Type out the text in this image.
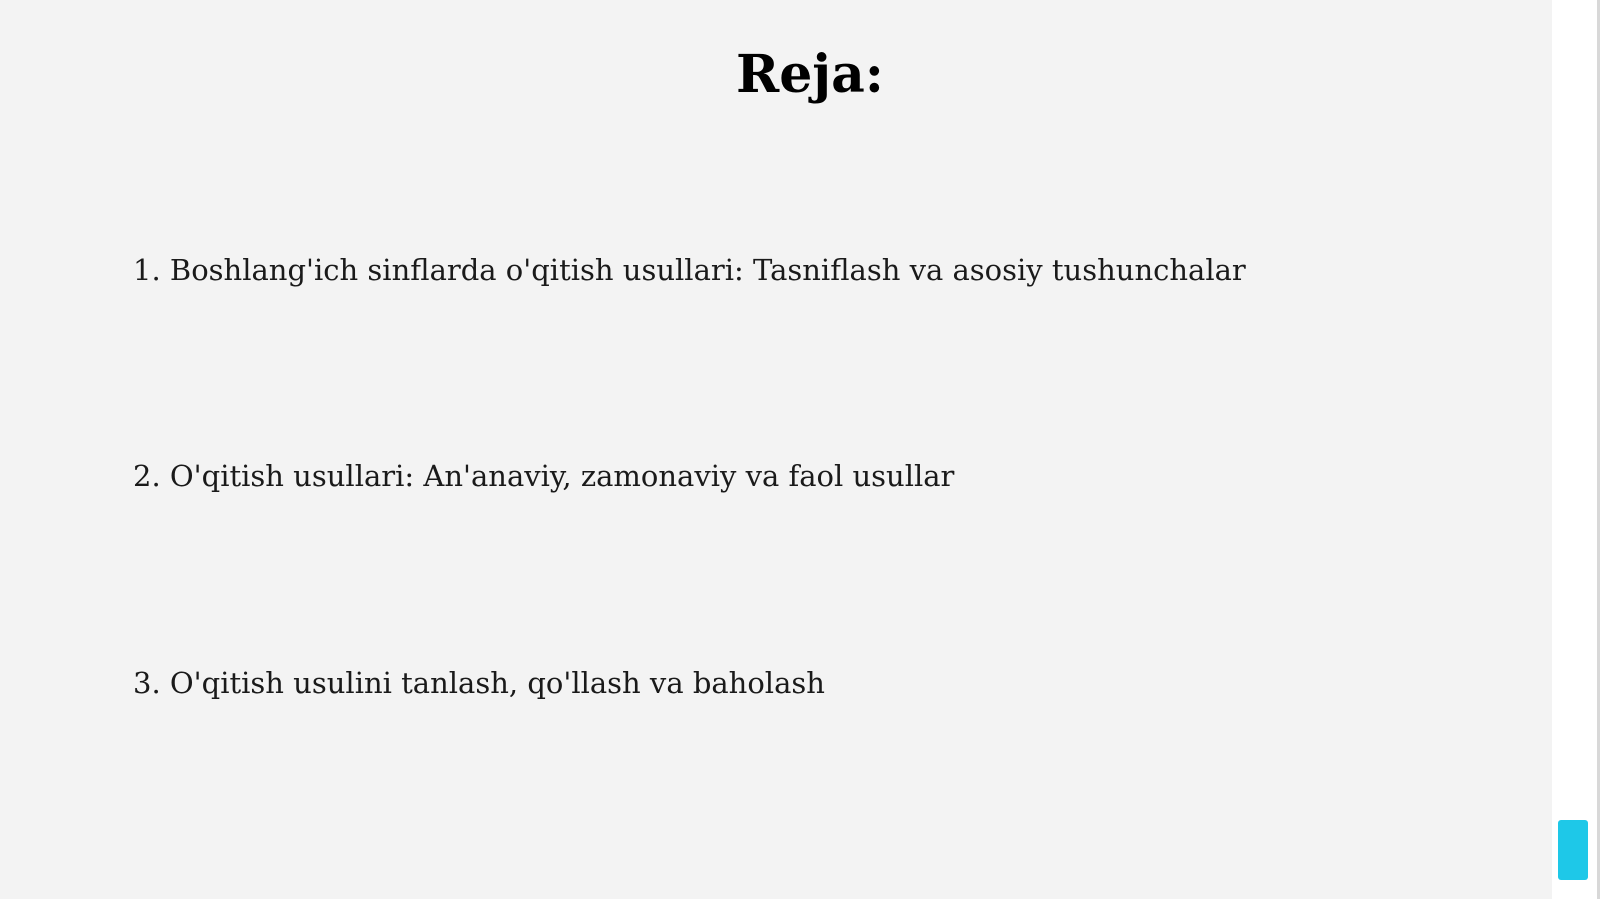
Reja:
1. Boshlang'ich sinflarda o'qitish usullari: Tasniflash va asosiy tushunchalar
2. O'qitish usullari: An'anaviy, zamonaviy va faol usullar
3. O'qitish usulini tanlash, qo'llash va baholash
